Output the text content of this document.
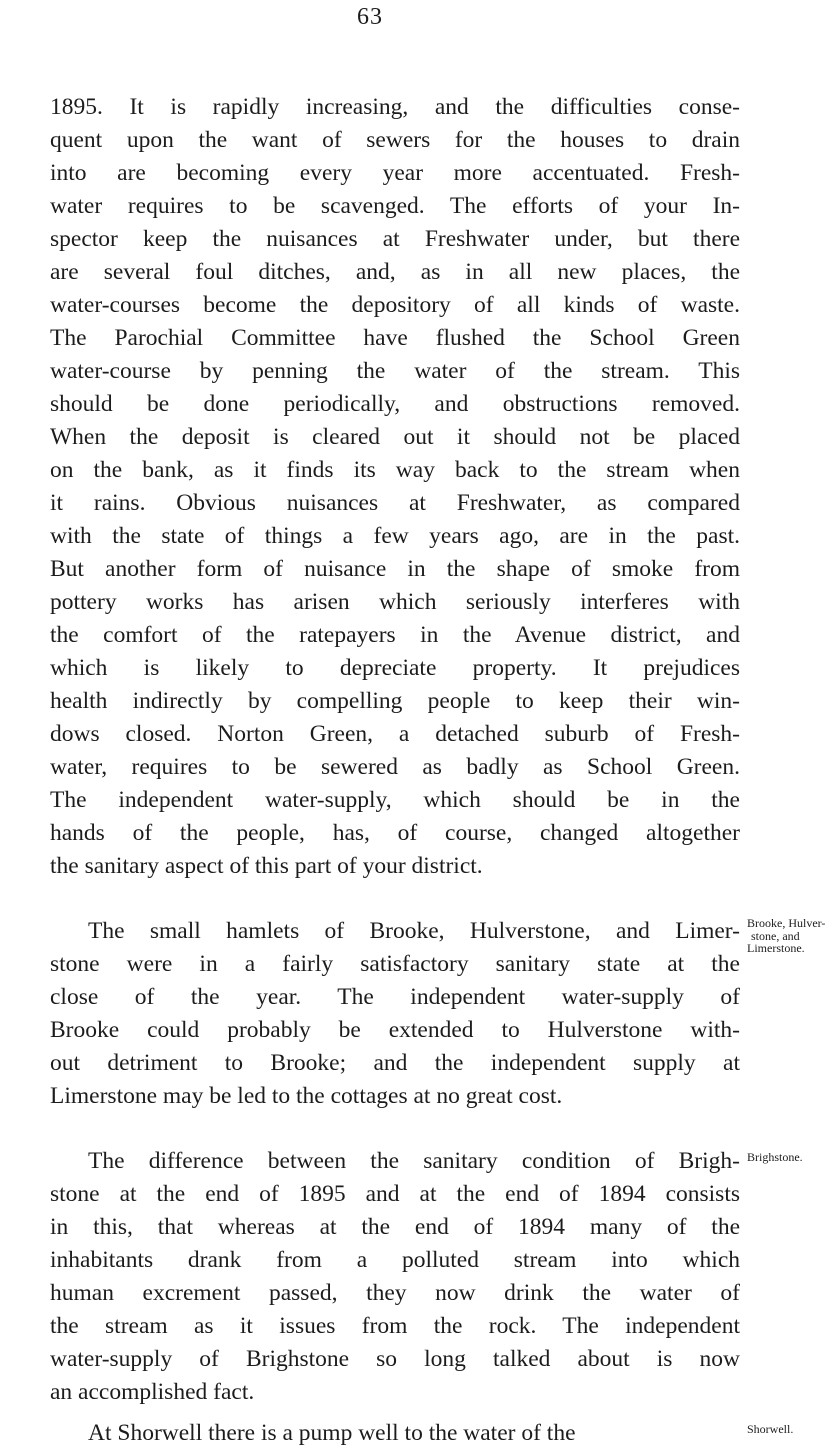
63
1895. It is rapidly increasing, and the difficulties conse-
quent upon the want of sewers for the houses to drain
into are becoming every year more accentuated. Fresh-
water requires to be scavenged. The efforts of your In-
spector keep the nuisances at Freshwater under, but there
are several foul ditches, and, as in all new places, the
water-courses become the depository of all kinds of waste.
The Parochial Committee have flushed the School Green
water-course by penning the water of the stream. This
should be done periodically, and obstructions removed.
When the deposit is cleared out it should not be placed
on the bank, as it finds its way back to the stream when
it rains. Obvious nuisances at Freshwater, as compared
with the state of things a few years ago, are in the past.
But another form of nuisance in the shape of smoke from
pottery works has arisen which seriously interferes with
the comfort of the ratepayers in the Avenue district, and
which is likely to depreciate property. It prejudices
health indirectly by compelling people to keep their win-
dows closed. Norton Green, a detached suburb of Fresh-
water, requires to be sewered as badly as School Green.
The independent water-supply, which should be in the
hands of the people, has, of course, changed altogether
the sanitary aspect of this part of your district.
The small hamlets of Brooke, Hulverstone, and Limer-
stone were in a fairly satisfactory sanitary state at the
close of the year. The independent water-supply of
Brooke could probably be extended to Hulverstone with-
out detriment to Brooke; and the independent supply at
Limerstone may be led to the cottages at no great cost.
Brooke, Hulver-
stone, and
Limerstone.
The difference between the sanitary condition of Brigh-
stone at the end of 1895 and at the end of 1894 consists
in this, that whereas at the end of 1894 many of the
inhabitants drank from a polluted stream into which
human excrement passed, they now drink the water of
the stream as it issues from the rock. The independent
water-supply of Brighstone so long talked about is now
an accomplished fact.
Brighstone.
At Shorwell there is a pump well to the water of the	Shorwell.
